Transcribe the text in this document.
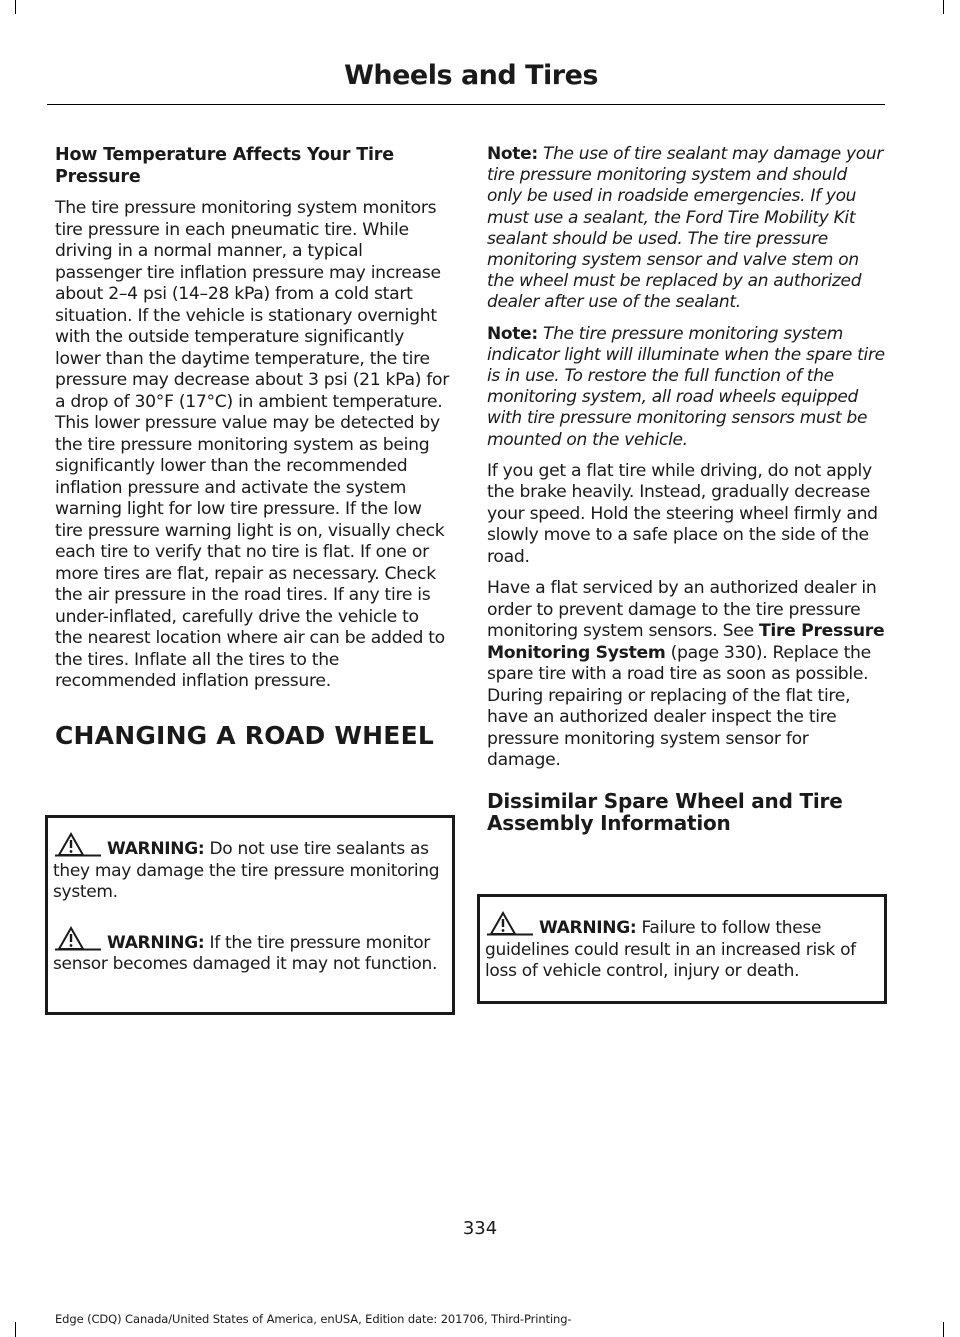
Wheels and Tires
How Temperature Affects Your Tire Pressure

The tire pressure monitoring system monitors tire pressure in each pneumatic tire. While driving in a normal manner, a typical passenger tire inflation pressure may increase about 2–4 psi (14–28 kPa) from a cold start situation. If the vehicle is stationary overnight with the outside temperature significantly lower than the daytime temperature, the tire pressure may decrease about 3 psi (21 kPa) for a drop of 30°F (17°C) in ambient temperature. This lower pressure value may be detected by the tire pressure monitoring system as being significantly lower than the recommended inflation pressure and activate the system warning light for low tire pressure. If the low tire pressure warning light is on, visually check each tire to verify that no tire is flat. If one or more tires are flat, repair as necessary. Check the air pressure in the road tires. If any tire is under-inflated, carefully drive the vehicle to the nearest location where air can be added to the tires. Inflate all the tires to the recommended inflation pressure.

CHANGING A ROAD WHEEL
WARNING: Do not use tire sealants as they may damage the tire pressure monitoring system.
WARNING: If the tire pressure monitor sensor becomes damaged it may not function.

Note: The use of tire sealant may damage your tire pressure monitoring system and should only be used in roadside emergencies. If you must use a sealant, the Ford Tire Mobility Kit sealant should be used. The tire pressure monitoring system sensor and valve stem on the wheel must be replaced by an authorized dealer after use of the sealant.

Note: The tire pressure monitoring system indicator light will illuminate when the spare tire is in use. To restore the full function of the monitoring system, all road wheels equipped with tire pressure monitoring sensors must be mounted on the vehicle.

If you get a flat tire while driving, do not apply the brake heavily. Instead, gradually decrease your speed. Hold the steering wheel firmly and slowly move to a safe place on the side of the road.

Have a flat serviced by an authorized dealer in order to prevent damage to the tire pressure monitoring system sensors. See Tire Pressure Monitoring System (page 330). Replace the spare tire with a road tire as soon as possible. During repairing or replacing of the flat tire, have an authorized dealer inspect the tire pressure monitoring system sensor for damage.

Dissimilar Spare Wheel and Tire Assembly Information
WARNING: Failure to follow these guidelines could result in an increased risk of loss of vehicle control, injury or death.
334
Edge (CDQ) Canada/United States of America, enUSA, Edition date: 201706, Third-Printing-
